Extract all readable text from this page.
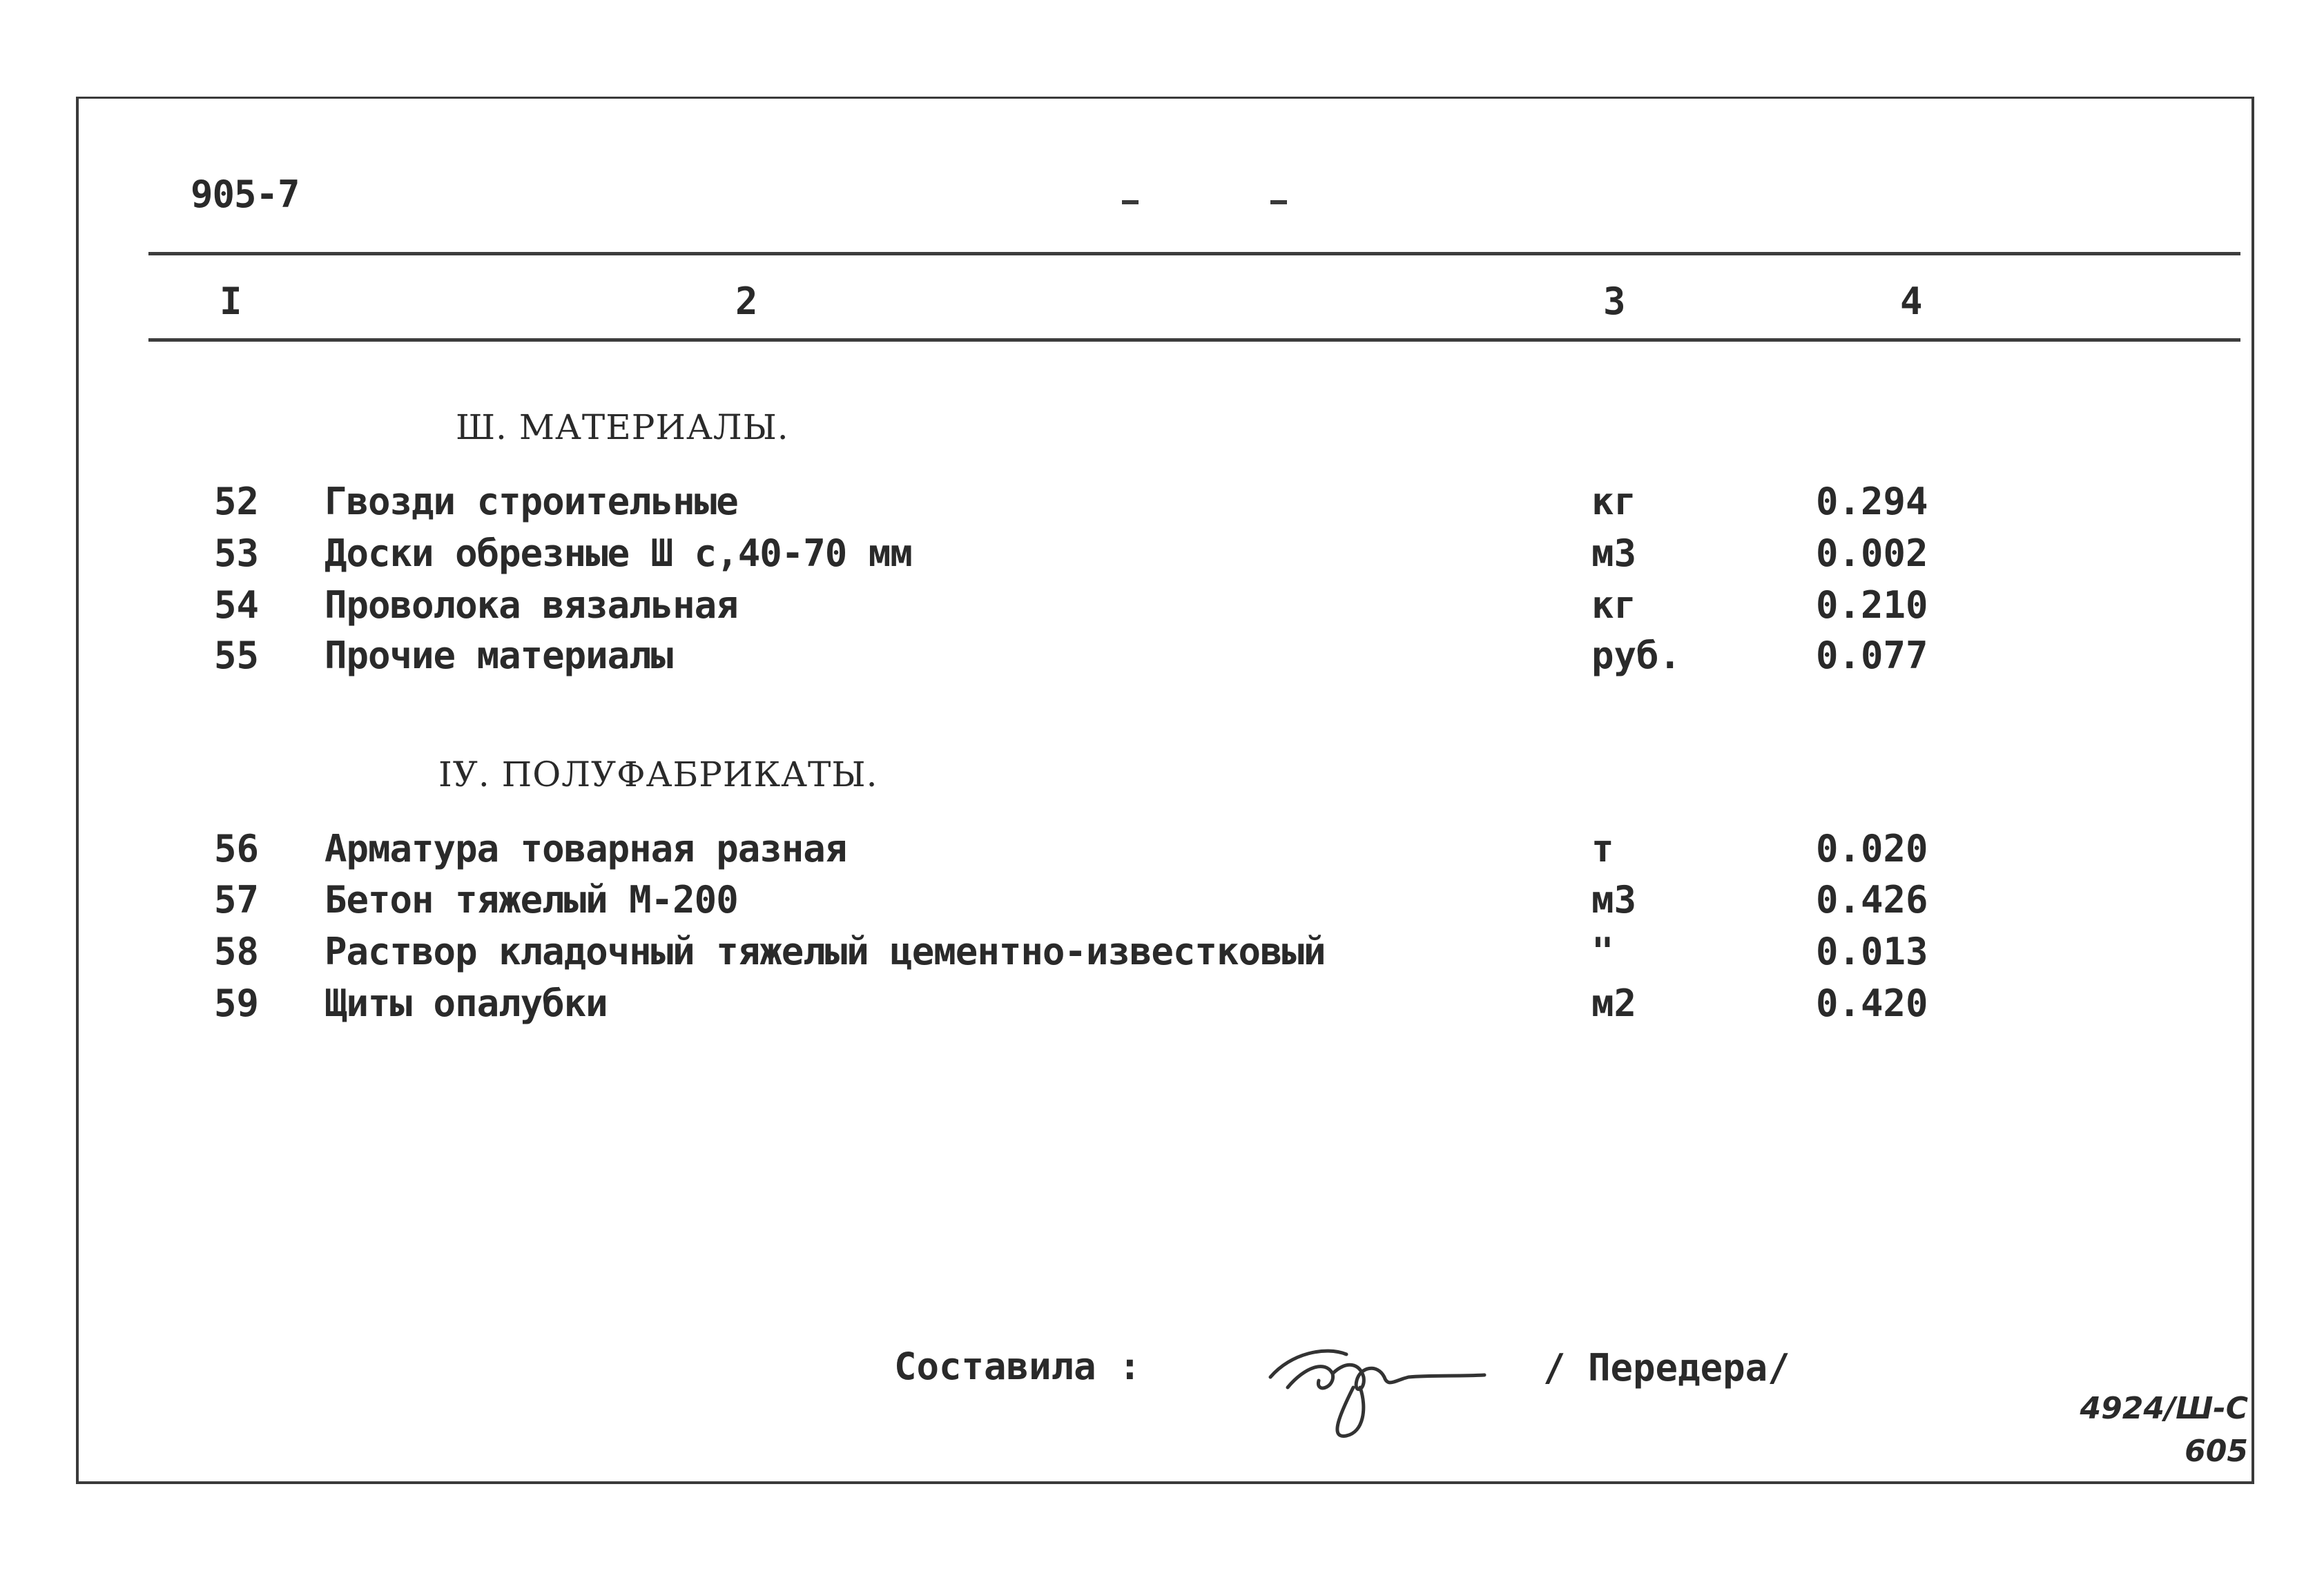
905-7
I	2	3	4
Ш. МАТЕРИАЛЫ.
52 Гвозди строительные	кг	0.294
53 Доски обрезные Ш с,40-70 мм	м3	0.002
54 Проволока вязальная	кг	0.210
55 Прочие материалы	руб.	0.077
IУ. ПОЛУФАБРИКАТЫ.
56 Арматура товарная разная	т	0.020
57 Бетон тяжелый М-200	м3	0.426
58 Раствор кладочный тяжелый цементно-известковый	"	0.013
59 Щиты опалубки	м2	0.420
Составила :	/ Передера/
4924/Ш-С
605
